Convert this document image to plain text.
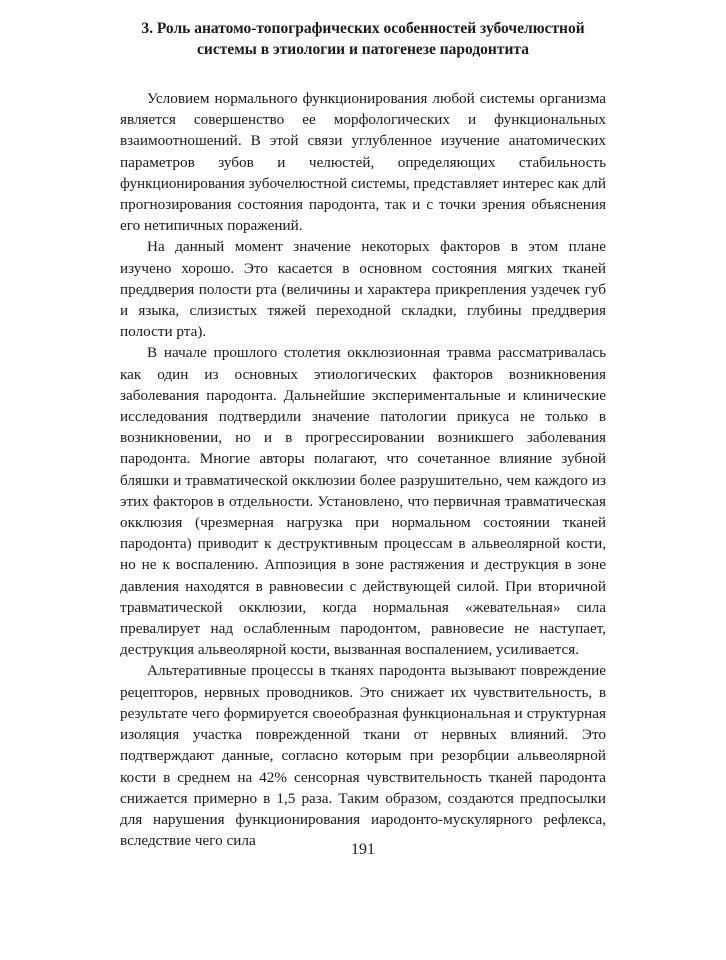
3. Роль анатомо-топографических особенностей зубочелюстной
системы в этиологии и патогенезе пародонтита

Условием нормального функционирования любой системы организма является совершенство ее морфологических и функциональных взаимоотношений. В этой связи углубленное изучение анатомических параметров зубов и челюстей, определяющих стабильность функционирования зубочелюстной системы, представляет интерес как длй прогнозирования состояния пародонта, так и с точки зрения объяснения его нетипичных поражений.

На данный момент значение некоторых факторов в этом плане изучено хорошо. Это касается в основном состояния мягких тканей преддверия полости рта (величины и характера прикрепления уздечек губ и языка, слизистых тяжей переходной складки, глубины преддверия полости рта).

В начале прошлого столетия окклюзионная травма рассматривалась как один из основных этиологических факторов возникновения заболевания пародонта. Дальнейшие экспериментальные и клинические исследования подтвердили значение патологии прикуса не только в возникновении, но и в прогрессировании возникшего заболевания пародонта. Многие авторы полагают, что сочетанное влияние зубной бляшки и травматической окклюзии более разрушительно, чем каждого из этих факторов в отдельности. Установлено, что первичная травматическая окклюзия (чрезмерная нагрузка при нормальном состоянии тканей пародонта) приводит к деструктивным процессам в альвеолярной кости, но не к воспалению. Аппозиция в зоне растяжения и деструкция в зоне давления находятся в равновесии с действующей силой. При вторичной травматической окклюзии, когда нормальная «жевательная» сила превалирует над ослабленным пародонтом, равновесие не наступает, деструкция альвеолярной кости, вызванная воспалением, усиливается.

Альтеративные процессы в тканях пародонта вызывают повреждение рецепторов, нервных проводников. Это снижает их чувствительность, в результате чего формируется своеобразная функциональная и структурная изоляция участка поврежденной ткани от нервных влияний. Это подтверждают данные, согласно которым при резорбции альвеолярной кости в среднем на 42% сенсорная чувствительность тканей пародонта снижается примерно в 1,5 раза. Таким образом, создаются предпосылки для нарушения функционирования иародонто-мускулярного рефлекса, вследствие чего сила

191
